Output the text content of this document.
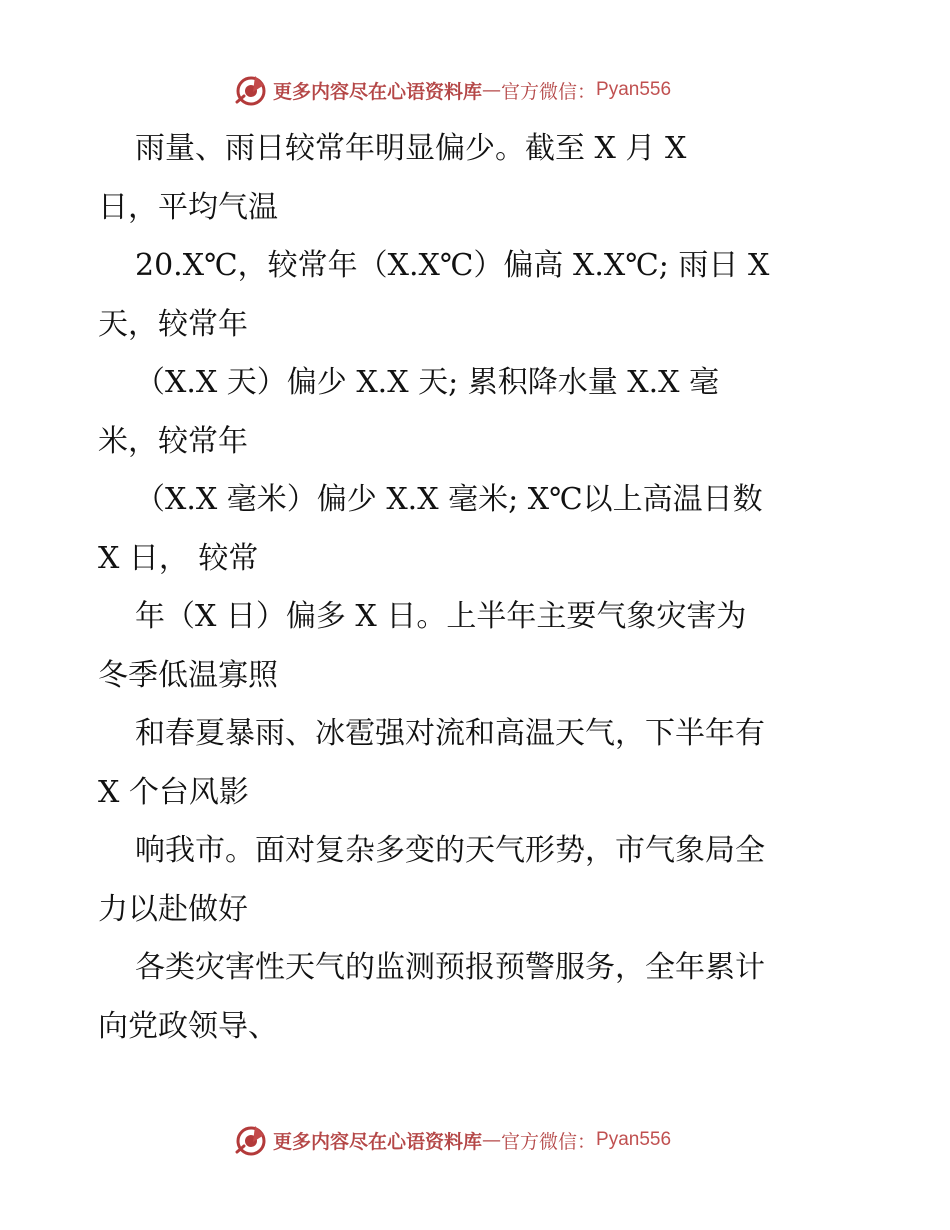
更多内容尽在心语资料库 — 官方微信： Pyan556
雨量、雨日较常年明显偏少。截至 X 月 X
日，平均气温
20.X℃，较常年（X.X℃）偏高 X.X℃; 雨日 X
天，较常年
（X.X 天）偏少 X.X 天; 累积降水量 X.X 毫
米，较常年
（X.X 毫米）偏少 X.X 毫米; X℃以上高温日数
X 日， 较常
年（X 日）偏多 X 日。上半年主要气象灾害为
冬季低温寡照
和春夏暴雨、冰雹强对流和高温天气，下半年有
X 个台风影
响我市。面对复杂多变的天气形势，市气象局全
力以赴做好
各类灾害性天气的监测预报预警服务，全年累计
向党政领导、
更多内容尽在心语资料库 — 官方微信： Pyan556
